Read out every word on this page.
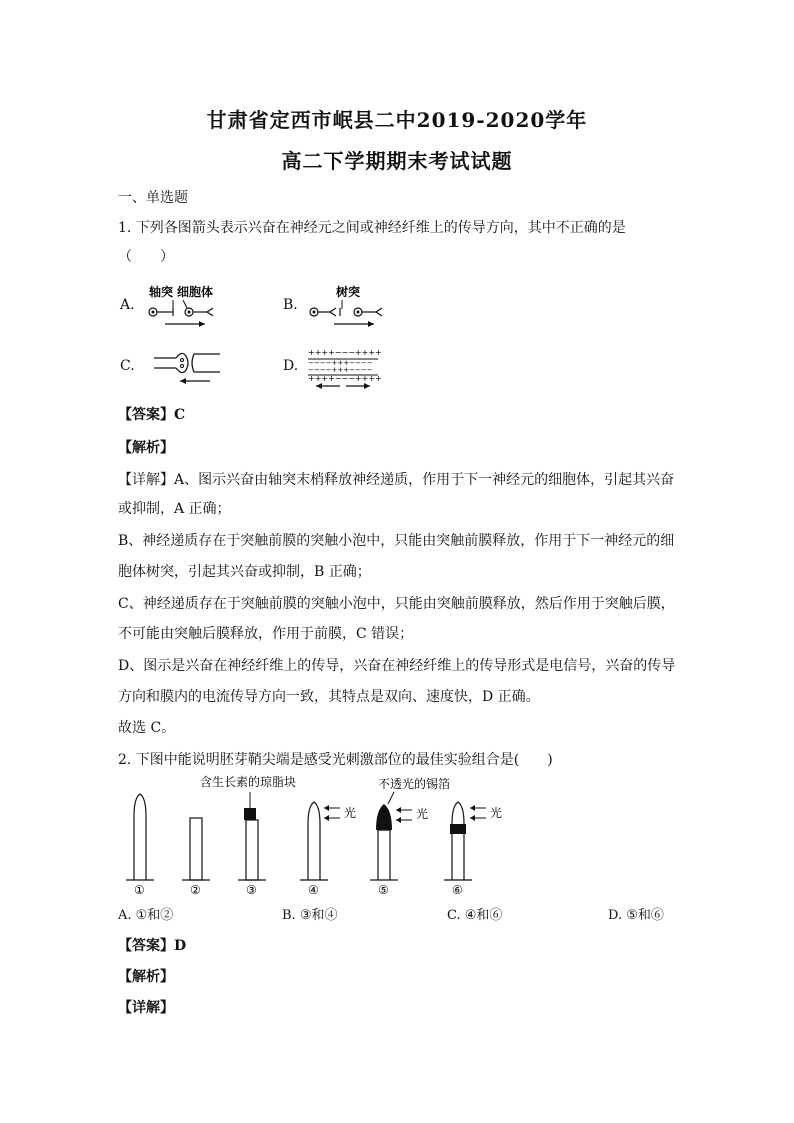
甘肃省定西市岷县二中2019-2020学年
高二下学期期末考试试题
一、单选题
1. 下列各图箭头表示兴奋在神经元之间或神经纤维上的传导方向，其中不正确的是
（　　）
A.
轴突 细胞体
B.
树突
C.	D.
++++−−−++++
−−−−+++−−−−
−−−−+++−−−−
++++−−−++++
【答案】C
【解析】
【详解】A、图示兴奋由轴突末梢释放神经递质，作用于下一神经元的细胞体，引起其兴奋
或抑制，A 正确；
B、神经递质存在于突触前膜的突触小泡中，只能由突触前膜释放，作用于下一神经元的细
胞体树突，引起其兴奋或抑制，B 正确；
C、神经递质存在于突触前膜的突触小泡中，只能由突触前膜释放，然后作用于突触后膜，
不可能由突触后膜释放，作用于前膜，C 错误；
D、图示是兴奋在神经纤维上的传导，兴奋在神经纤维上的传导形式是电信号，兴奋的传导
方向和膜内的电流传导方向一致，其特点是双向、速度快，D 正确。
故选 C。
2. 下图中能说明胚芽鞘尖端是感受光刺激部位的最佳实验组合是(　　)
含生长素的琼脂块	不透光的锡箔
①	②	③	④
光
⑤
光
⑥
光
A. ①和②	B. ③和④	C. ④和⑥	D. ⑤和⑥
【答案】D
【解析】
【详解】
